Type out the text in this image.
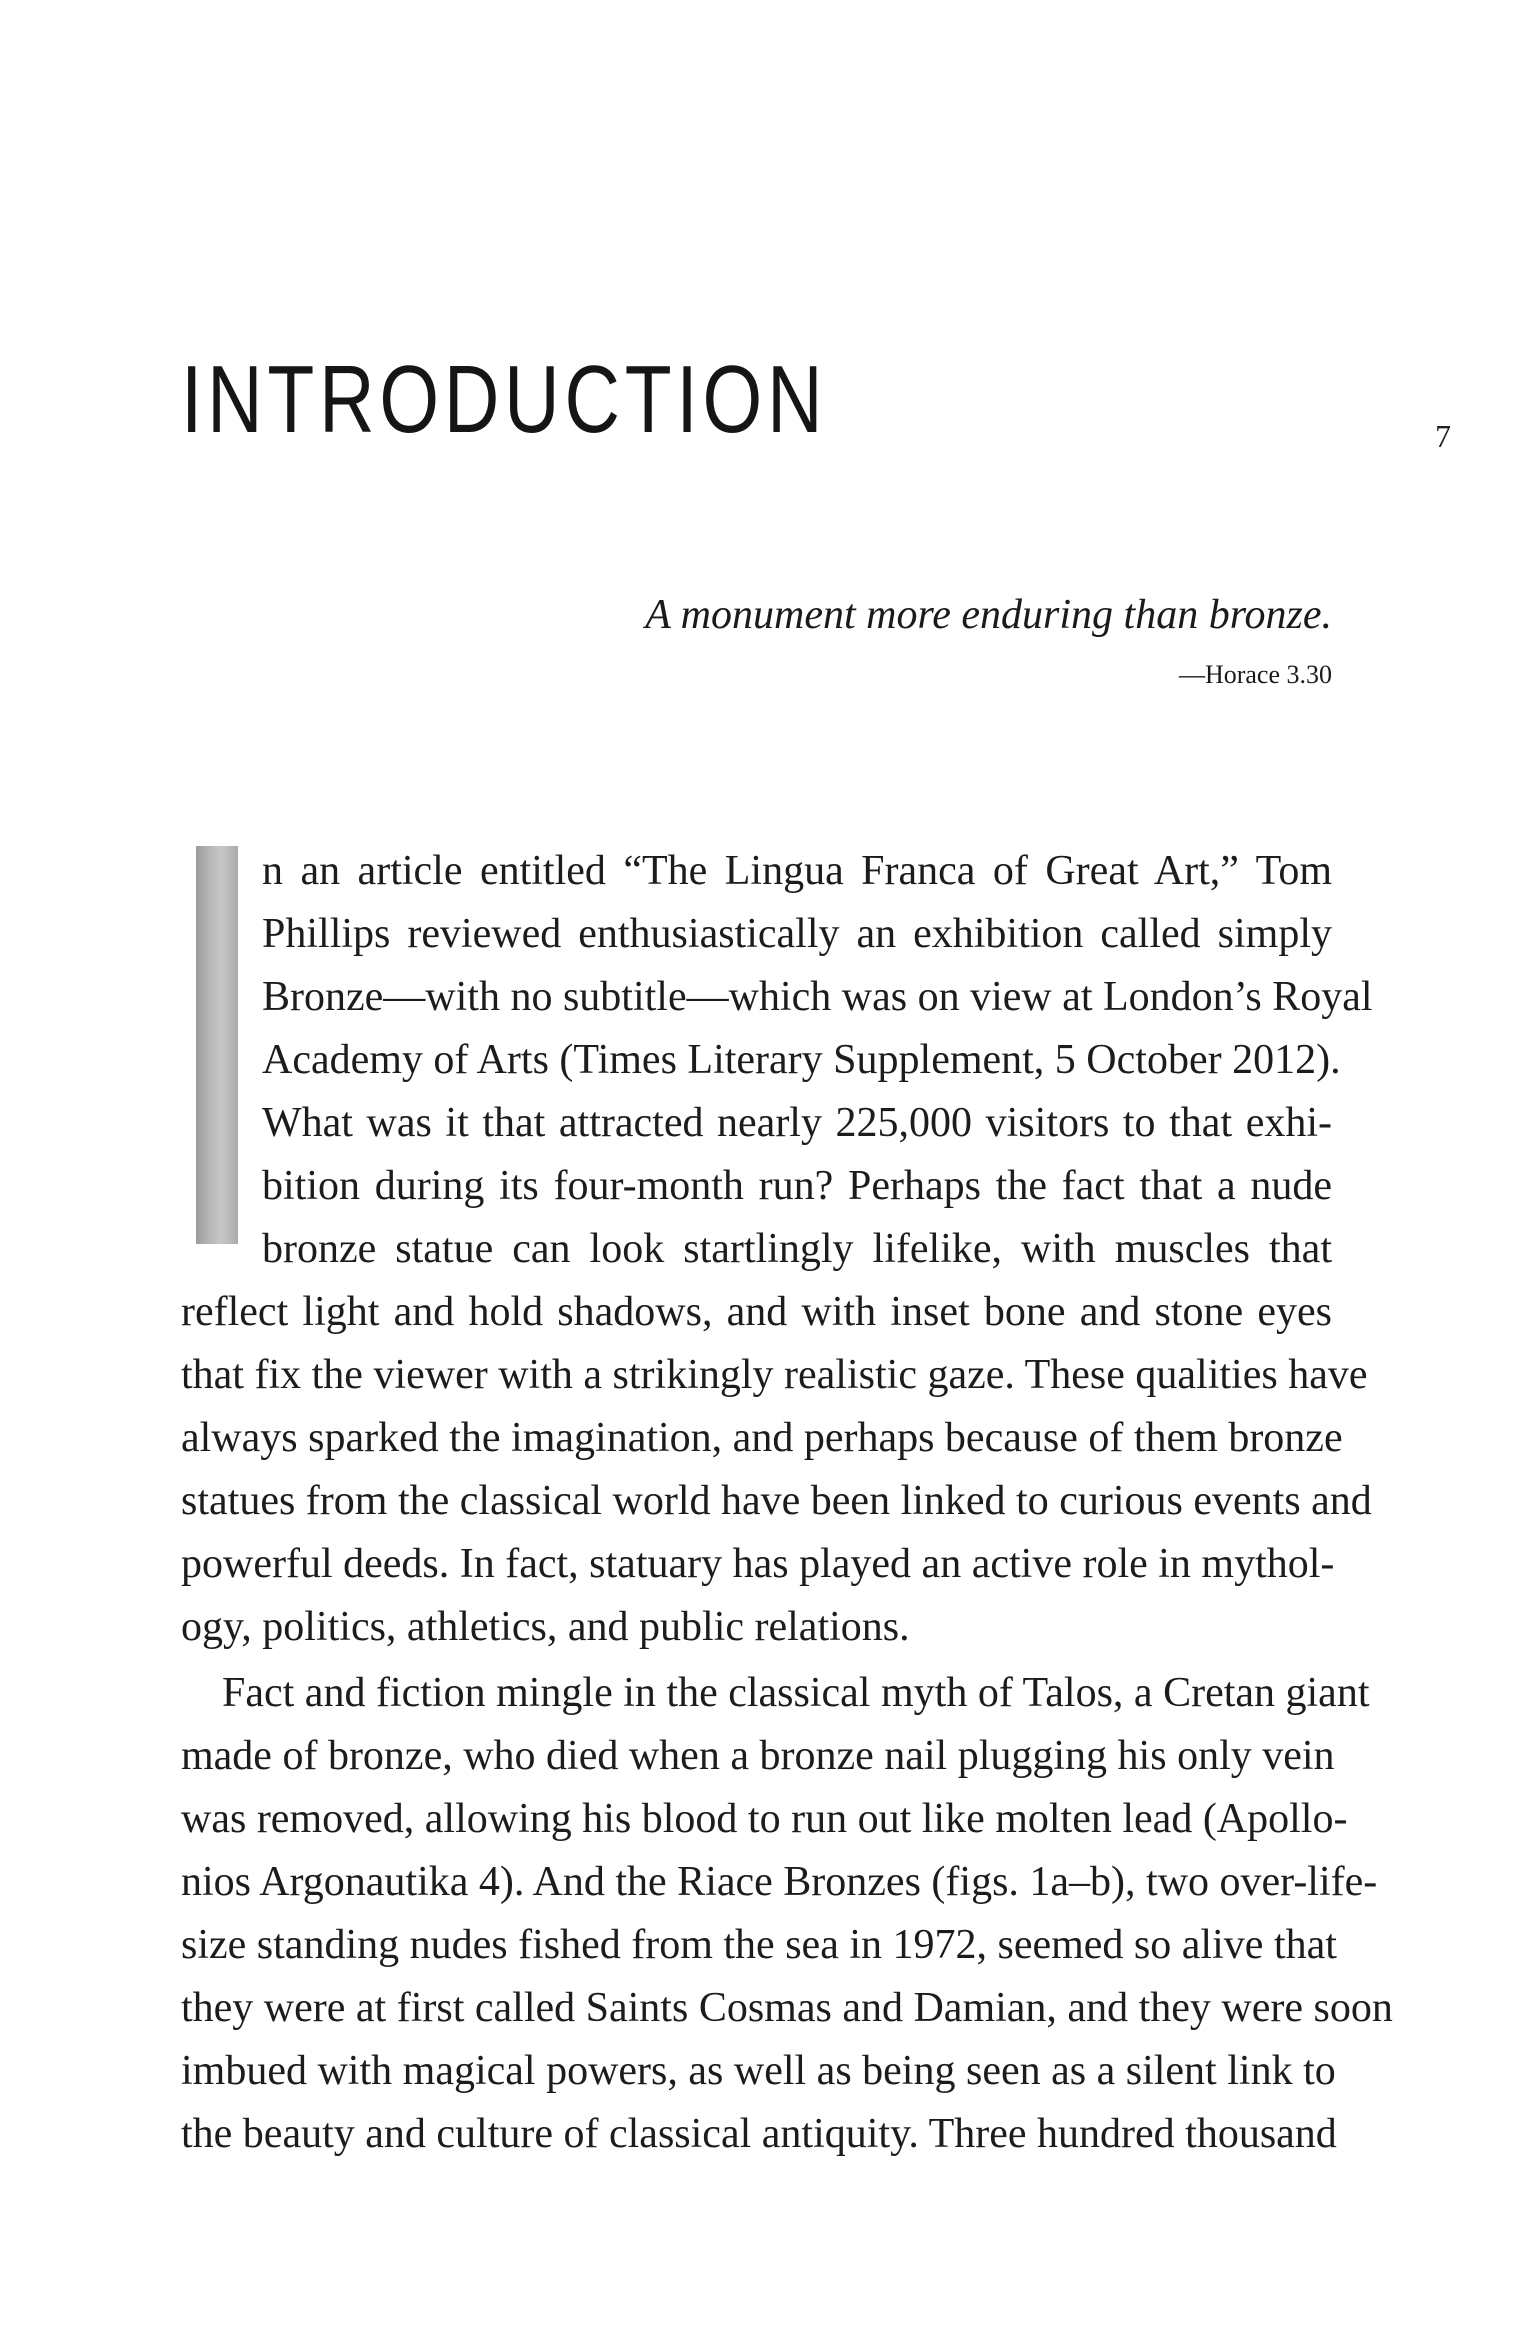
INTRODUCTION	7

A monument more enduring than bronze.

—Horace 3.30
n an article entitled “The Lingua Franca of Great Art,” Tom
Phillips reviewed enthusiastically an exhibition called simply
Bronze—with no subtitle—which was on view at London’s Royal
Academy of Arts (Times Literary Supplement, 5 October 2012).
What was it that attracted nearly 225,000 visitors to that exhi-
bition during its four-month run? Perhaps the fact that a nude
bronze statue can look startlingly lifelike, with muscles that
reflect light and hold shadows, and with inset bone and stone eyes
that fix the viewer with a strikingly realistic gaze. These qualities have
always sparked the imagination, and perhaps because of them bronze
statues from the classical world have been linked to curious events and
powerful deeds. In fact, statuary has played an active role in mythol-
ogy, politics, athletics, and public relations.
Fact and fiction mingle in the classical myth of Talos, a Cretan giant
made of bronze, who died when a bronze nail plugging his only vein
was removed, allowing his blood to run out like molten lead (Apollo-
nios Argonautika 4). And the Riace Bronzes (figs. 1a–b), two over-life-
size standing nudes fished from the sea in 1972, seemed so alive that
they were at first called Saints Cosmas and Damian, and they were soon
imbued with magical powers, as well as being seen as a silent link to
the beauty and culture of classical antiquity. Three hundred thousand
